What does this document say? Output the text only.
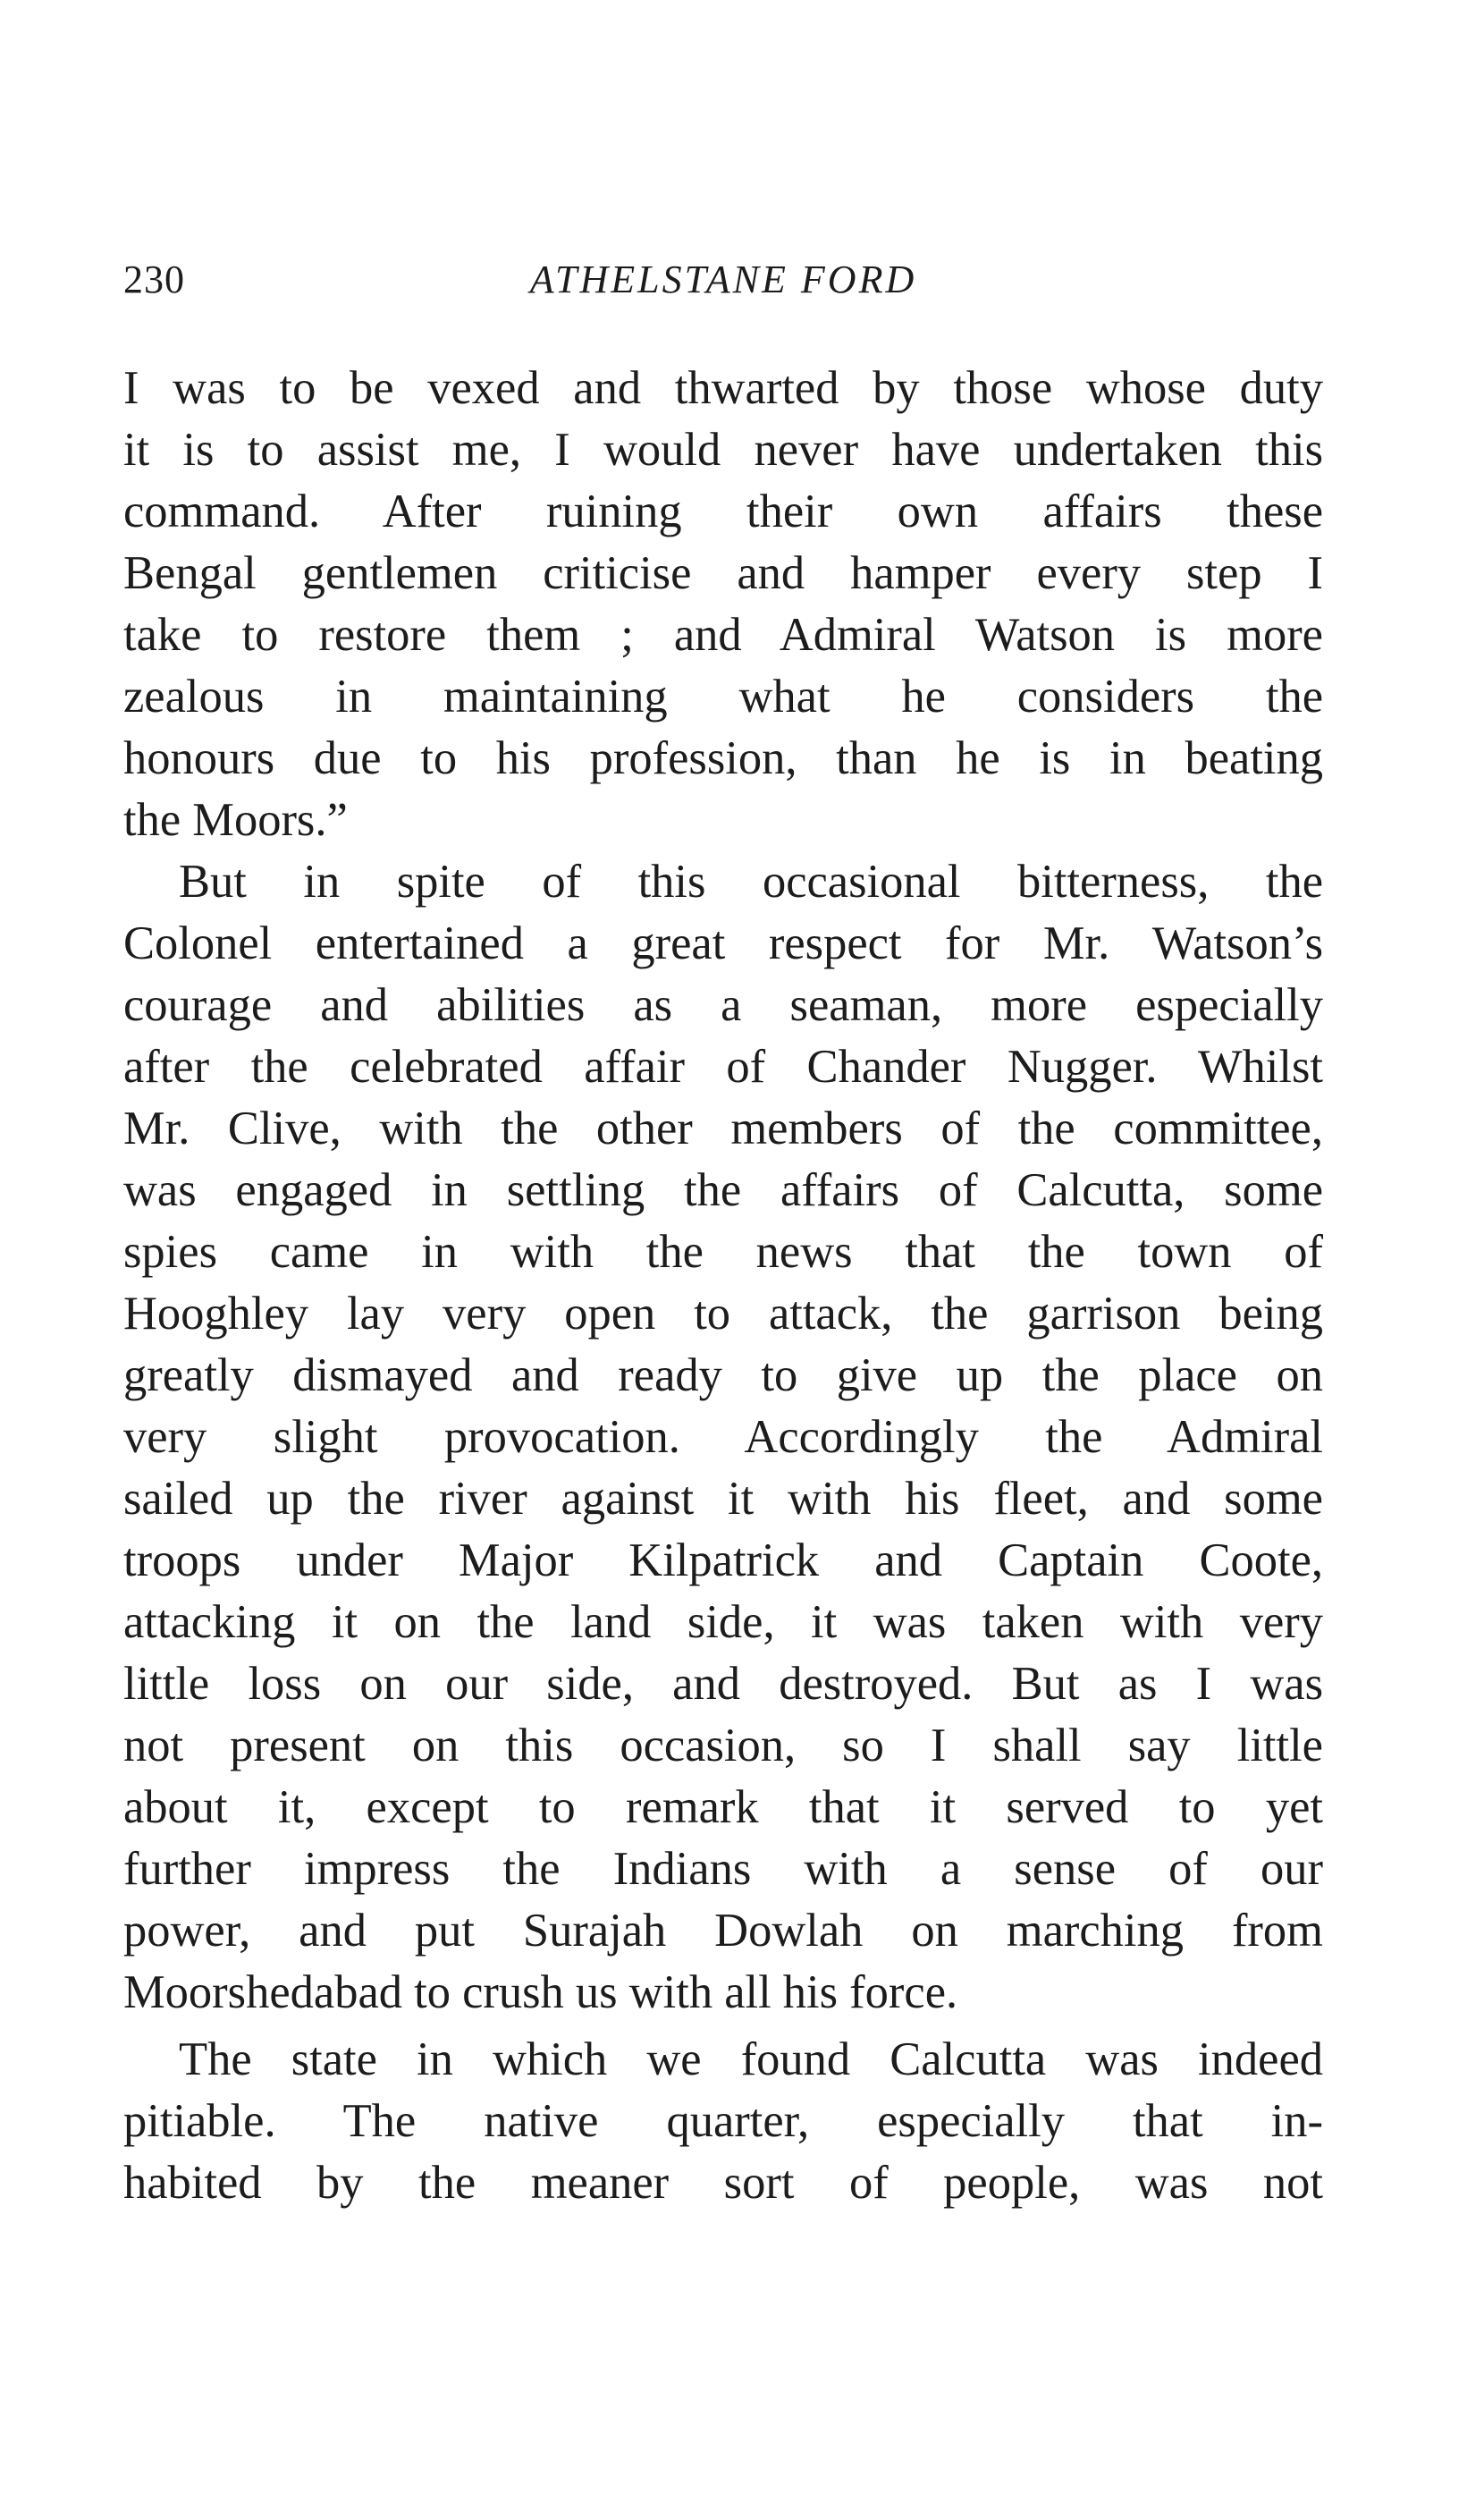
230	ATHELSTANE FORD
I was to be vexed and thwarted by those whose duty
it is to assist me, I would never have undertaken this
command. After ruining their own affairs these
Bengal gentlemen criticise and hamper every step I
take to restore them ; and Admiral Watson is more
zealous in maintaining what he considers the
honours due to his profession, than he is in beating
the Moors.”
But in spite of this occasional bitterness, the
Colonel entertained a great respect for Mr. Watson’s
courage and abilities as a seaman, more especially
after the celebrated affair of Chander Nugger. Whilst
Mr. Clive, with the other members of the committee,
was engaged in settling the affairs of Calcutta, some
spies came in with the news that the town of
Hooghley lay very open to attack, the garrison being
greatly dismayed and ready to give up the place on
very slight provocation. Accordingly the Admiral
sailed up the river against it with his fleet, and some
troops under Major Kilpatrick and Captain Coote,
attacking it on the land side, it was taken with very
little loss on our side, and destroyed. But as I was
not present on this occasion, so I shall say little
about it, except to remark that it served to yet
further impress the Indians with a sense of our
power, and put Surajah Dowlah on marching from
Moorshedabad to crush us with all his force.
The state in which we found Calcutta was indeed
pitiable. The native quarter, especially that in-
habited by the meaner sort of people, was not
